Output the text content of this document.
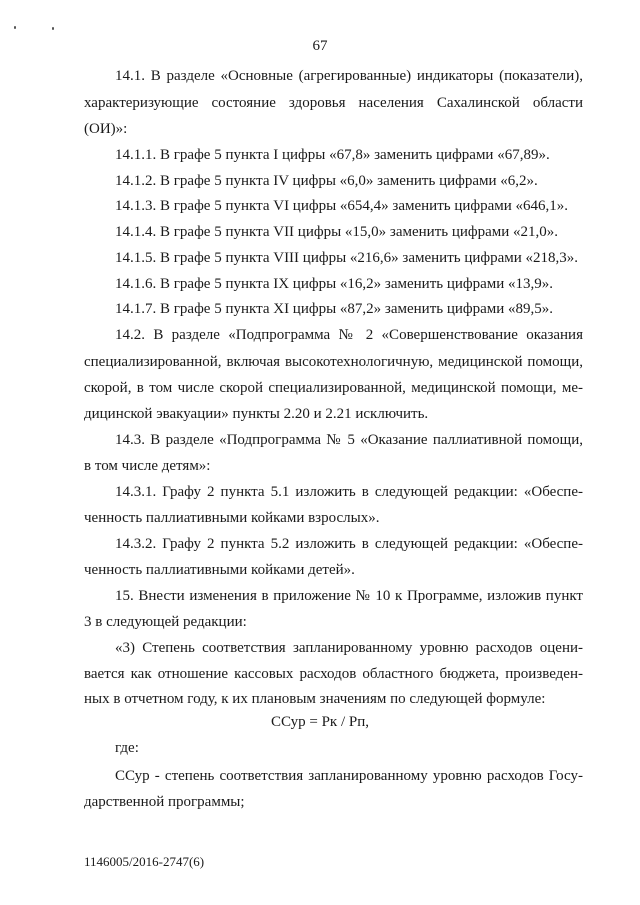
67
14.1. В разделе «Основные (агрегированные) индикаторы (показатели),
характеризующие состояние здоровья населения Сахалинской области
(ОИ)»:
14.1.1. В графе 5 пункта I цифры «67,8» заменить цифрами «67,89».
14.1.2. В графе 5 пункта IV цифры «6,0» заменить цифрами «6,2».
14.1.3. В графе 5 пункта VI цифры «654,4» заменить цифрами «646,1».
14.1.4. В графе 5 пункта VII цифры «15,0» заменить цифрами «21,0».
14.1.5. В графе 5 пункта VIII цифры «216,6» заменить цифрами «218,3».
14.1.6. В графе 5 пункта IX цифры «16,2» заменить цифрами «13,9».
14.1.7. В графе 5 пункта XI цифры «87,2» заменить цифрами «89,5».
14.2. В разделе «Подпрограмма № 2 «Совершенствование оказания
специализированной, включая высокотехнологичную, медицинской помощи,
скорой, в том числе скорой специализированной, медицинской помощи, ме-
дицинской эвакуации» пункты 2.20 и 2.21 исключить.
14.3. В разделе «Подпрограмма № 5 «Оказание паллиативной помощи,
в том числе детям»:
14.3.1. Графу 2 пункта 5.1 изложить в следующей редакции: «Обеспе-
ченность паллиативными койками взрослых».
14.3.2. Графу 2 пункта 5.2 изложить в следующей редакции: «Обеспе-
ченность паллиативными койками детей».
15. Внести изменения в приложение № 10 к Программе, изложив пункт
3 в следующей редакции:
«3) Степень соответствия запланированному уровню расходов оцени-
вается как отношение кассовых расходов областного бюджета, произведен-
ных в отчетном году, к их плановым значениям по следующей формуле:
ССур = Рк / Рп,
где:
ССур - степень соответствия запланированному уровню расходов Госу-
дарственной программы;
1146005/2016-2747(6)
